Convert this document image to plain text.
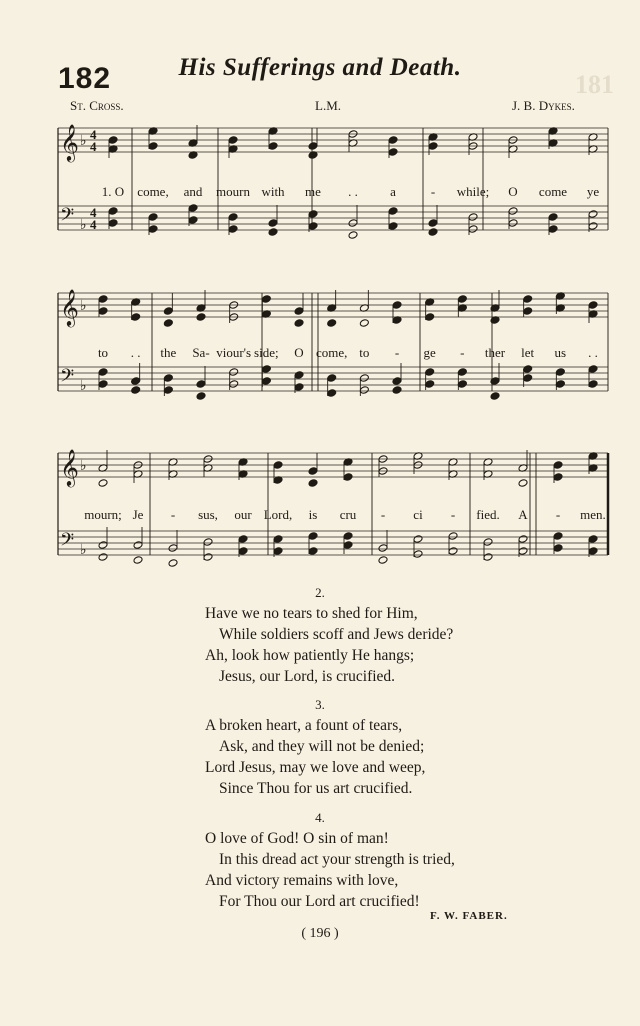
182	His Sufferings and Death.
St. Cross.	L.M.	J. B. Dykes.
181
𝄞
𝄢
♭
♭
4
4
4
4
1. O come, and mourn with me . . a	- while; O come ye
𝄞
𝄢
♭
♭
to . . the Sa- viour's side; O come, to - ge - ther let us . .
𝄞
𝄢
♭
♭
mourn; Je - sus, our Lord, is cru - ci - fied. A - men.
2.
Have we no tears to shed for Him,
While soldiers scoff and Jews deride?
Ah, look how patiently He hangs;
Jesus, our Lord, is crucified.
3.
A broken heart, a fount of tears,
Ask, and they will not be denied;
Lord Jesus, may we love and weep,
Since Thou for us art crucified.
4.
O love of God! O sin of man!
In this dread act your strength is tried,
And victory remains with love,
For Thou our Lord art crucified!
F. W. FABER.
( 196 )
